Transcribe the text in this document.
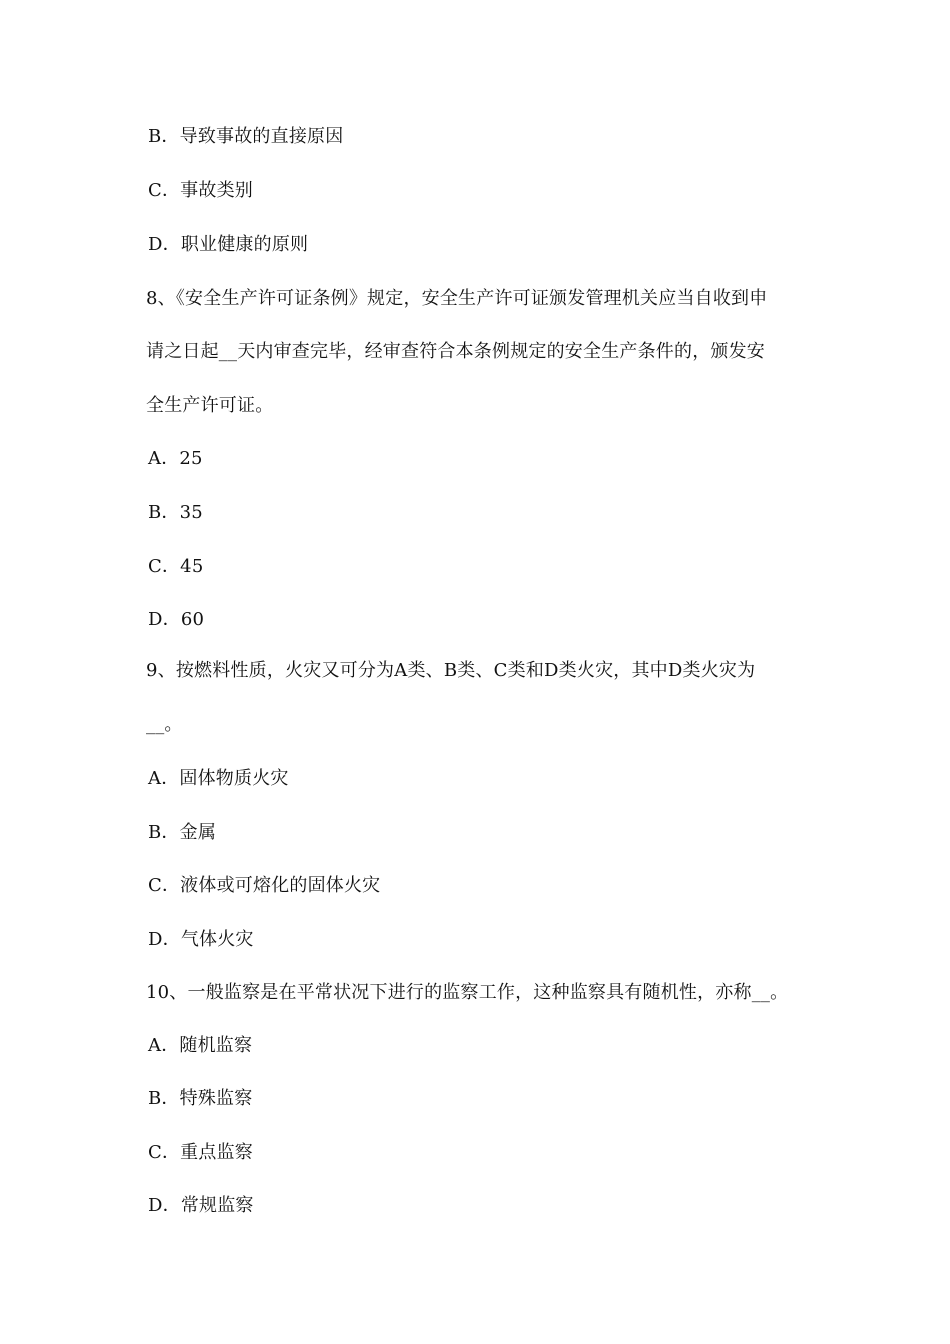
B．导致事故的直接原因
C．事故类别
D．职业健康的原则
8、《安全生产许可证条例》规定，安全生产许可证颁发管理机关应当自收到申
请之日起__天内审查完毕，经审查符合本条例规定的安全生产条件的，颁发安
全生产许可证。
A．25
B．35
C．45
D．60
9、按燃料性质，火灾又可分为A类、B类、C类和D类火灾，其中D类火灾为
__。
A．固体物质火灾
B．金属
C．液体或可熔化的固体火灾
D．气体火灾
10、一般监察是在平常状况下进行的监察工作，这种监察具有随机性，亦称__。
A．随机监察
B．特殊监察
C．重点监察
D．常规监察
